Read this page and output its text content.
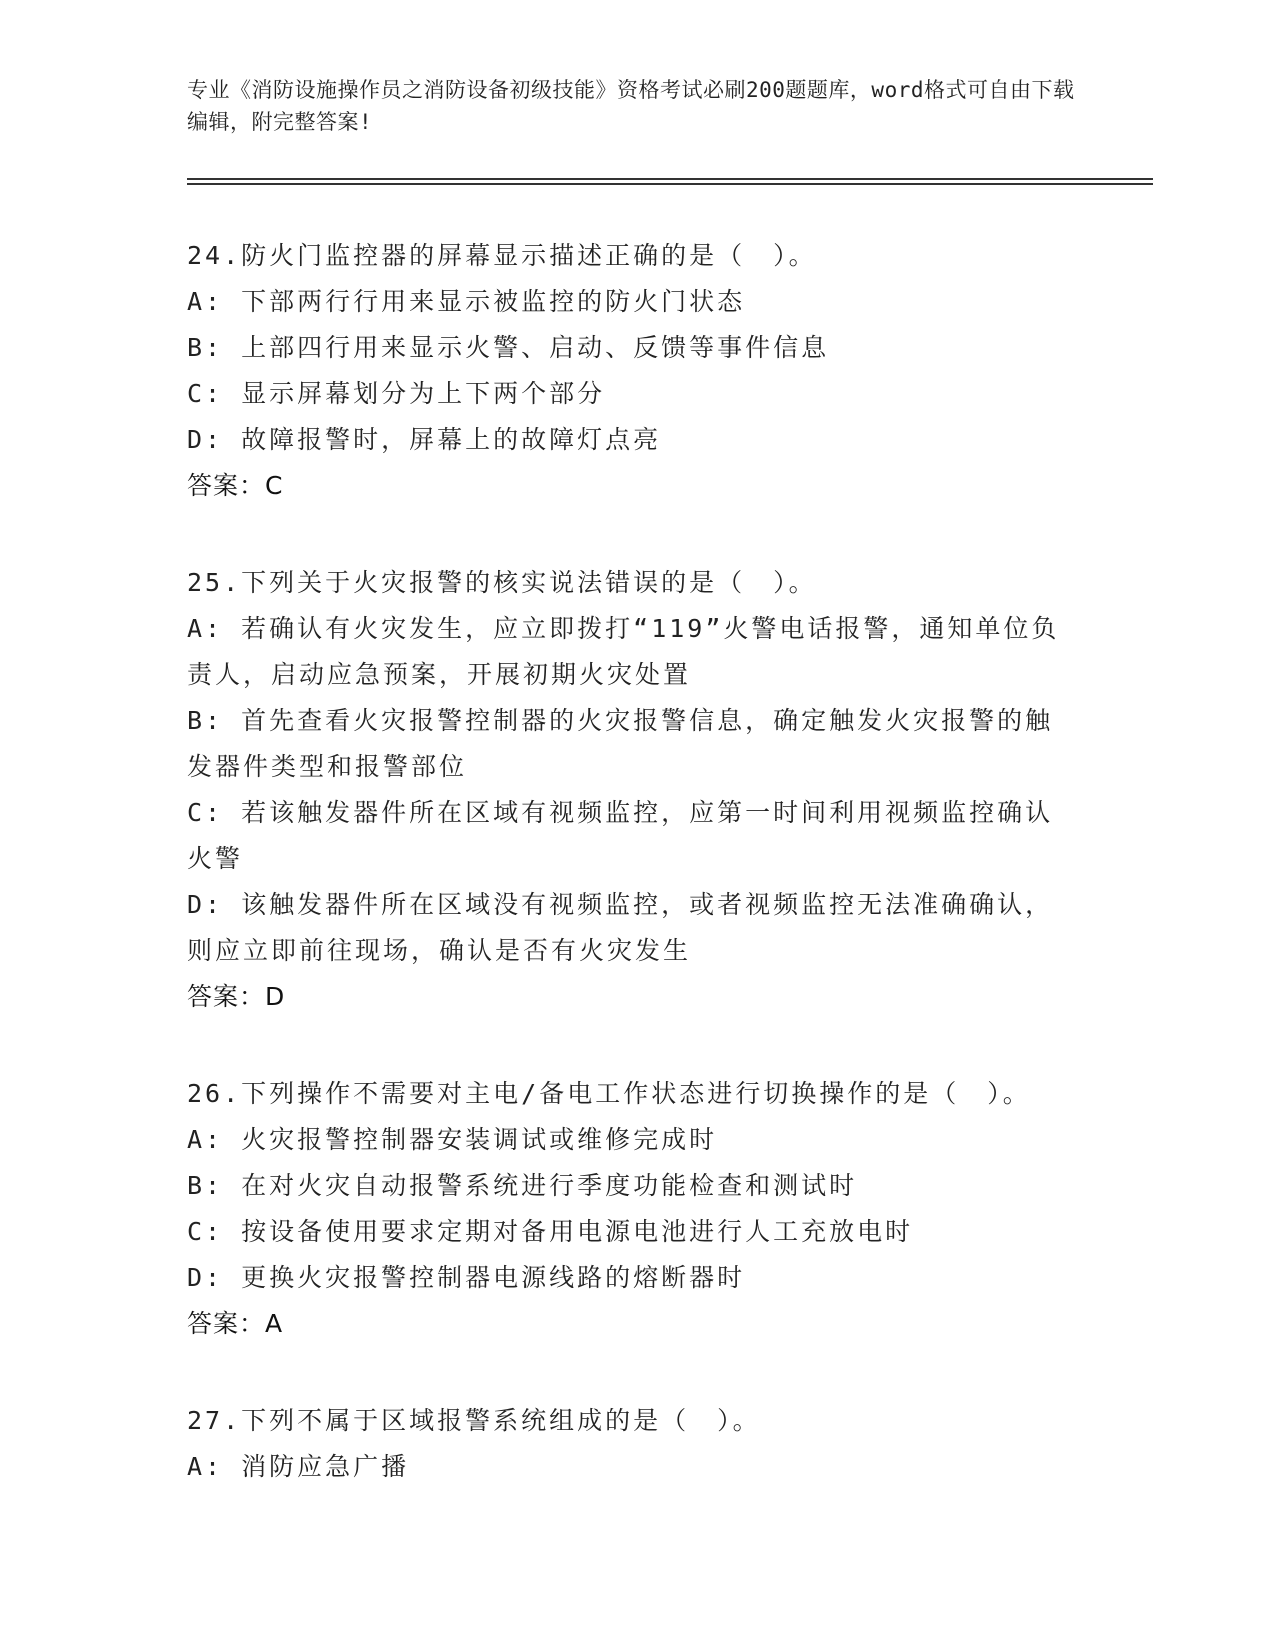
专业《消防设施操作员之消防设备初级技能》资格考试必刷200题题库，word格式可自由下载编辑，附完整答案!
24.防火门监控器的屏幕显示描述正确的是（　）。
A: 下部两行行用来显示被监控的防火门状态
B: 上部四行用来显示火警、启动、反馈等事件信息
C: 显示屏幕划分为上下两个部分
D: 故障报警时，屏幕上的故障灯点亮
答案：C
25.下列关于火灾报警的核实说法错误的是（　）。
A: 若确认有火灾发生，应立即拨打“119”火警电话报警，通知单位负责人，启动应急预案，开展初期火灾处置
B: 首先查看火灾报警控制器的火灾报警信息，确定触发火灾报警的触发器件类型和报警部位
C: 若该触发器件所在区域有视频监控，应第一时间利用视频监控确认火警
D: 该触发器件所在区域没有视频监控，或者视频监控无法准确确认，则应立即前往现场，确认是否有火灾发生
答案：D
26.下列操作不需要对主电/备电工作状态进行切换操作的是（　）。
A: 火灾报警控制器安装调试或维修完成时
B: 在对火灾自动报警系统进行季度功能检查和测试时
C: 按设备使用要求定期对备用电源电池进行人工充放电时
D: 更换火灾报警控制器电源线路的熔断器时
答案：A
27.下列不属于区域报警系统组成的是（　）。
A: 消防应急广播
